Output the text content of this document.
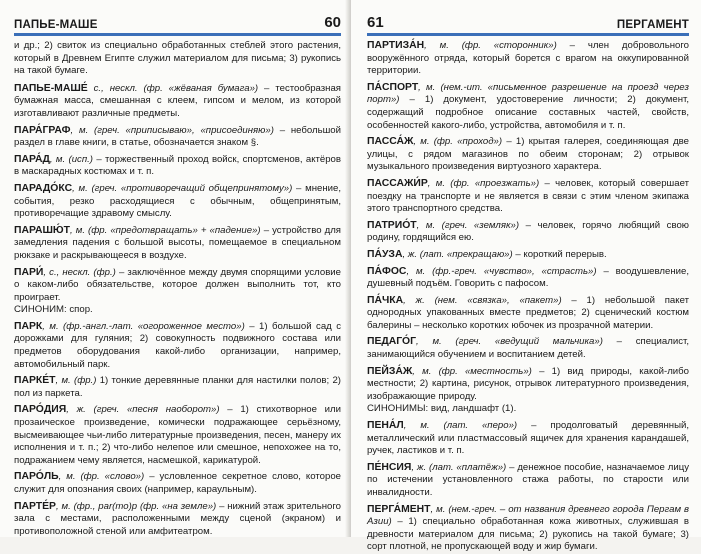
ПАПЬЕ-МАШЕ	60

и др.; 2) свиток из специально обработанных стеблей этого растения, который в Древнем Египте служил материалом для письма; 3) рукопись на такой бумаге.

ПАПЬЕ-МАШЕ́ с., нескл. (фр. «жёваная бумага») – тестообразная бумажная масса, смешанная с клеем, гипсом и мелом, из которой изготавливают различные предметы.

ПАРА́ГРАФ, м. (греч. «приписываю», «присоединяю») – небольшой раздел в главе книги, в статье, обозначается знаком §.

ПАРА́Д, м. (исп.) – торжественный проход войск, спортсменов, актёров в маскарадных костюмах и т. п.

ПАРАДО́КС, м. (греч. «противоречащий общепринятому») – мнение, события, резко расходящиеся с обычным, общепринятым, противоречащие здравому смыслу.

ПАРАШЮ́Т, м. (фр. «предотвращать» + «падение») – устройство для замедления падения с большой высоты, помещаемое в специальном рюкзаке и раскрывающееся в воздухе.

ПАРИ́, с., нескл. (фр.) – заключённое между двумя спорящими условие о каком-либо обязательстве, которое должен выполнить тот, кто проиграет.
СИНОНИМ: спор.

ПАРК, м. (фр.-англ.-лат. «огороженное место») – 1) большой сад с дорожками для гуляния; 2) совокупность подвижного состава или предметов оборудования какой-либо организации, например, автомобильный парк.

ПАРКЕ́Т, м. (фр.) 1) тонкие деревянные планки для настилки полов; 2) пол из паркета.

ПАРО́ДИЯ, ж. (греч. «песня наоборот») – 1) стихотворное или прозаическое произведение, комически подражающее серьёзному, высмеивающее чьи-либо литературные произведения, песен, манеру их исполнения и т. п.; 2) что-либо нелепое или смешное, непохожее на то, подражанием чему является, насмешкой, карикатурой.

ПАРО́ЛЬ, м. (фр. «слово») – условленное секретное слово, которое служит для опознания своих (например, караульным).

ПАРТЕ́Р, м. (фр., par(то)р (фр. «на земле») – нижний этаж зрительного зала с местами, расположенными между сценой (экраном) и противоположной стеной или амфитеатром.

61	ПЕРГАМЕНТ

ПАРТИЗА́Н, м. (фр. «сторонник») – член добровольного вооружённого отряда, который борется с врагом на оккупированной территории.

ПА́СПОРТ, м. (нем.-ит. «письменное разрешение на проезд через порт») – 1) документ, удостоверение личности; 2) документ, содержащий подробное описание составных частей, свойств, особенностей какого-либо, устройства, автомобиля и т. п.

ПАССА́Ж, м. (фр. «проход») – 1) крытая галерея, соединяющая две улицы, с рядом магазинов по обеим сторонам; 2) отрывок музыкального произведения виртуозного характера.

ПАССАЖИ́Р, м. (фр. «проезжать») – человек, который совершает поездку на транспорте и не является в связи с этим членом экипажа этого транспортного средства.

ПАТРИО́Т, м. (греч. «земляк») – человек, горячо любящий свою родину, гордящийся ею.

ПА́УЗА, ж. (лат. «прекращаю») – короткий перерыв.

ПА́ФОС, м. (фр.-греч. «чувство», «страсть») – воодушевление, душевный подъём. Говорить с пафосом.

ПА́ЧКА, ж. (нем. «связка», «пакет») – 1) небольшой пакет однородных упакованных вместе предметов; 2) сценический костюм балерины – несколько коротких юбочек из прозрачной материи.

ПЕДАГО́Г, м. (греч. «ведущий мальчика») – специалист, занимающийся обучением и воспитанием детей.

ПЕЙЗА́Ж, м. (фр. «местность») – 1) вид природы, какой-либо местности; 2) картина, рисунок, отрывок литературного произведения, изображающие природу.
СИНОНИМЫ: вид, ландшафт (1).

ПЕНА́Л, м. (лат. «перо») – продолговатый деревянный, металлический или пластмассовый ящичек для хранения карандашей, ручек, ластиков и т. п.

ПЕ́НСИЯ, ж. (лат. «платёж») – денежное пособие, назначаемое лицу по истечении установленного стажа работы, по старости или инвалидности.

ПЕРГА́МЕНТ, м. (нем.-греч. – от названия древнего города Пергам в Азии) – 1) специально обработанная кожа животных, служившая в древности материалом для письма; 2) рукопись на такой бумаге; 3) сорт плотной, не пропускающей воду и жир бумаги.
